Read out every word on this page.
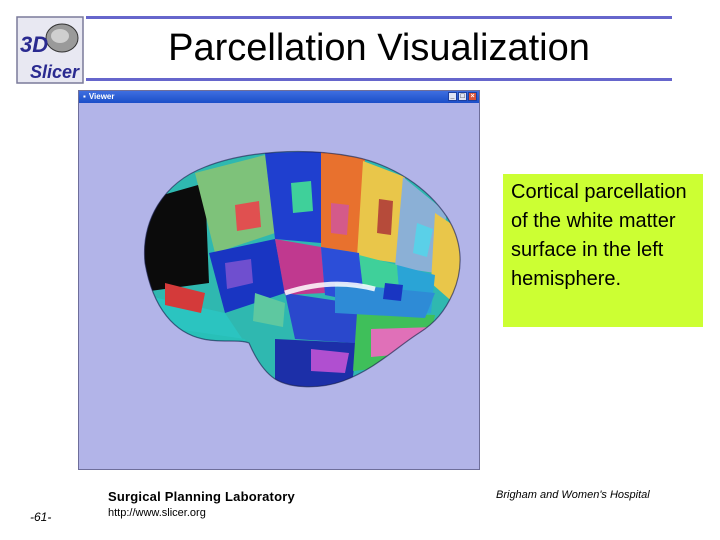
3D
Slicer
Parcellation Visualization
▪ Viewer	_ □ ×
Cortical parcellation of the white matter surface in the left hemisphere.
Surgical Planning Laboratory
http://www.slicer.org
Brigham and Women's Hospital
-61-
